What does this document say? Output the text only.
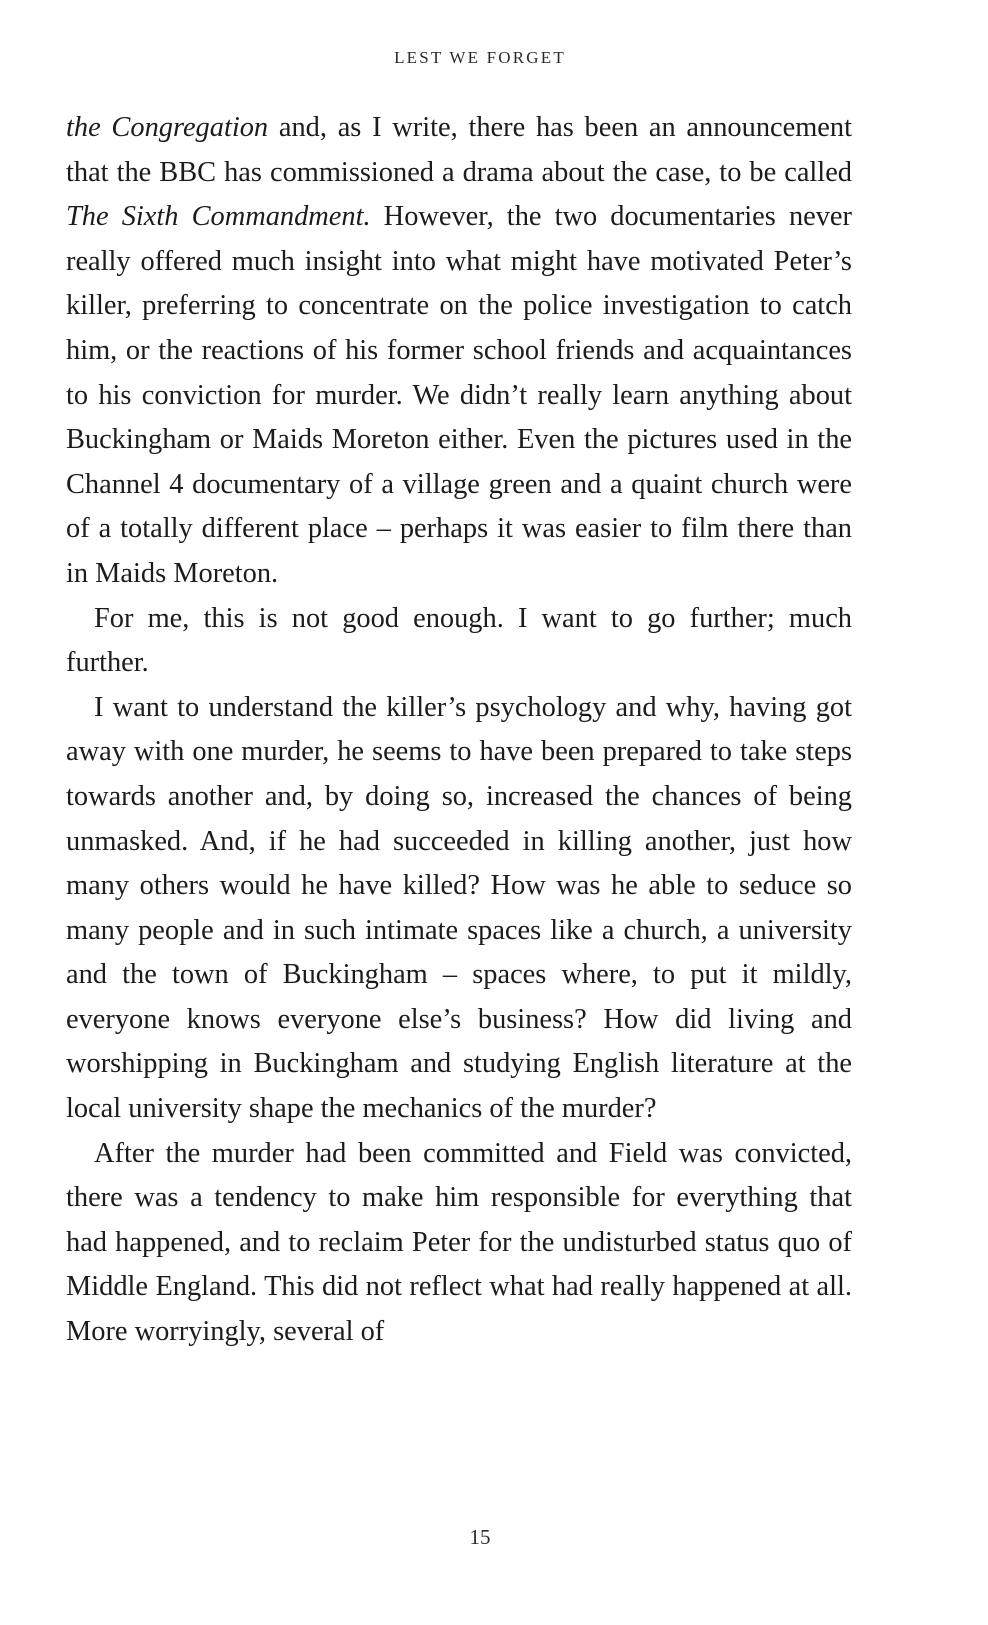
LEST WE FORGET

the Congregation and, as I write, there has been an announcement that the BBC has commissioned a drama about the case, to be called The Sixth Commandment. However, the two documentaries never really offered much insight into what might have motivated Peter’s killer, preferring to concentrate on the police investigation to catch him, or the reactions of his former school friends and acquaintances to his conviction for murder. We didn’t really learn anything about Buckingham or Maids Moreton either. Even the pictures used in the Channel 4 documentary of a village green and a quaint church were of a totally different place – perhaps it was easier to film there than in Maids Moreton.

For me, this is not good enough. I want to go further; much further.

I want to understand the killer’s psychology and why, having got away with one murder, he seems to have been prepared to take steps towards another and, by doing so, increased the chances of being unmasked. And, if he had succeeded in killing another, just how many others would he have killed? How was he able to seduce so many people and in such intimate spaces like a church, a university and the town of Buckingham – spaces where, to put it mildly, everyone knows everyone else’s business? How did living and worshipping in Buckingham and studying English literature at the local university shape the mechanics of the murder?

After the murder had been committed and Field was convicted, there was a tendency to make him responsible for everything that had happened, and to reclaim Peter for the undisturbed status quo of Middle England. This did not reflect what had really happened at all. More worryingly, several of

15
